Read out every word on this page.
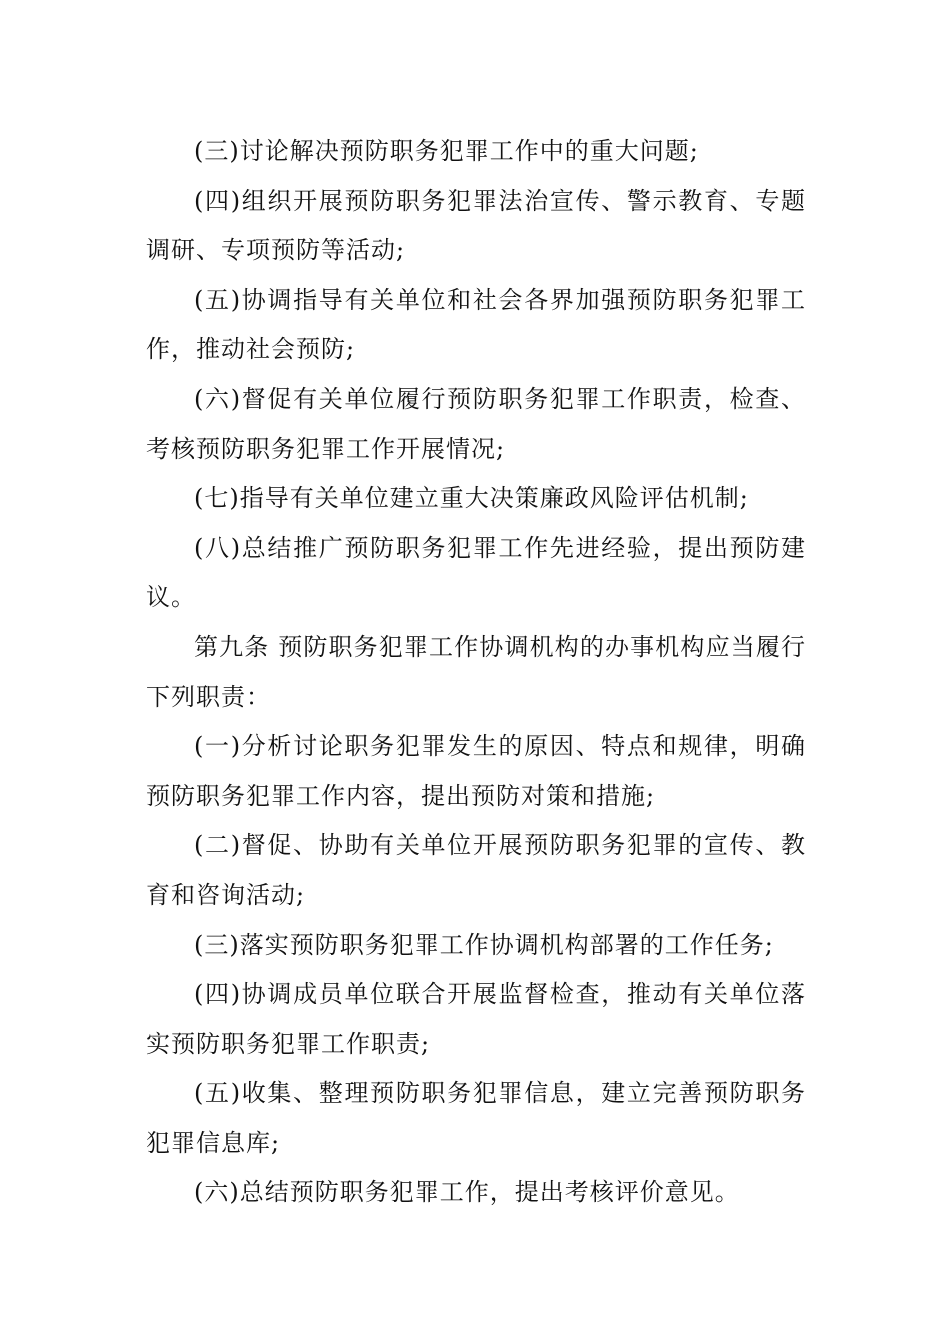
(三)讨论解决预防职务犯罪工作中的重大问题;

(四)组织开展预防职务犯罪法治宣传、警示教育、专题调研、专项预防等活动;

(五)协调指导有关单位和社会各界加强预防职务犯罪工作，推动社会预防;

(六)督促有关单位履行预防职务犯罪工作职责，检查、考核预防职务犯罪工作开展情况;

(七)指导有关单位建立重大决策廉政风险评估机制;

(八)总结推广预防职务犯罪工作先进经验，提出预防建议。

第九条 预防职务犯罪工作协调机构的办事机构应当履行下列职责：

(一)分析讨论职务犯罪发生的原因、特点和规律，明确预防职务犯罪工作内容，提出预防对策和措施;

(二)督促、协助有关单位开展预防职务犯罪的宣传、教育和咨询活动;

(三)落实预防职务犯罪工作协调机构部署的工作任务;

(四)协调成员单位联合开展监督检查，推动有关单位落实预防职务犯罪工作职责;

(五)收集、整理预防职务犯罪信息，建立完善预防职务犯罪信息库;

(六)总结预防职务犯罪工作，提出考核评价意见。
